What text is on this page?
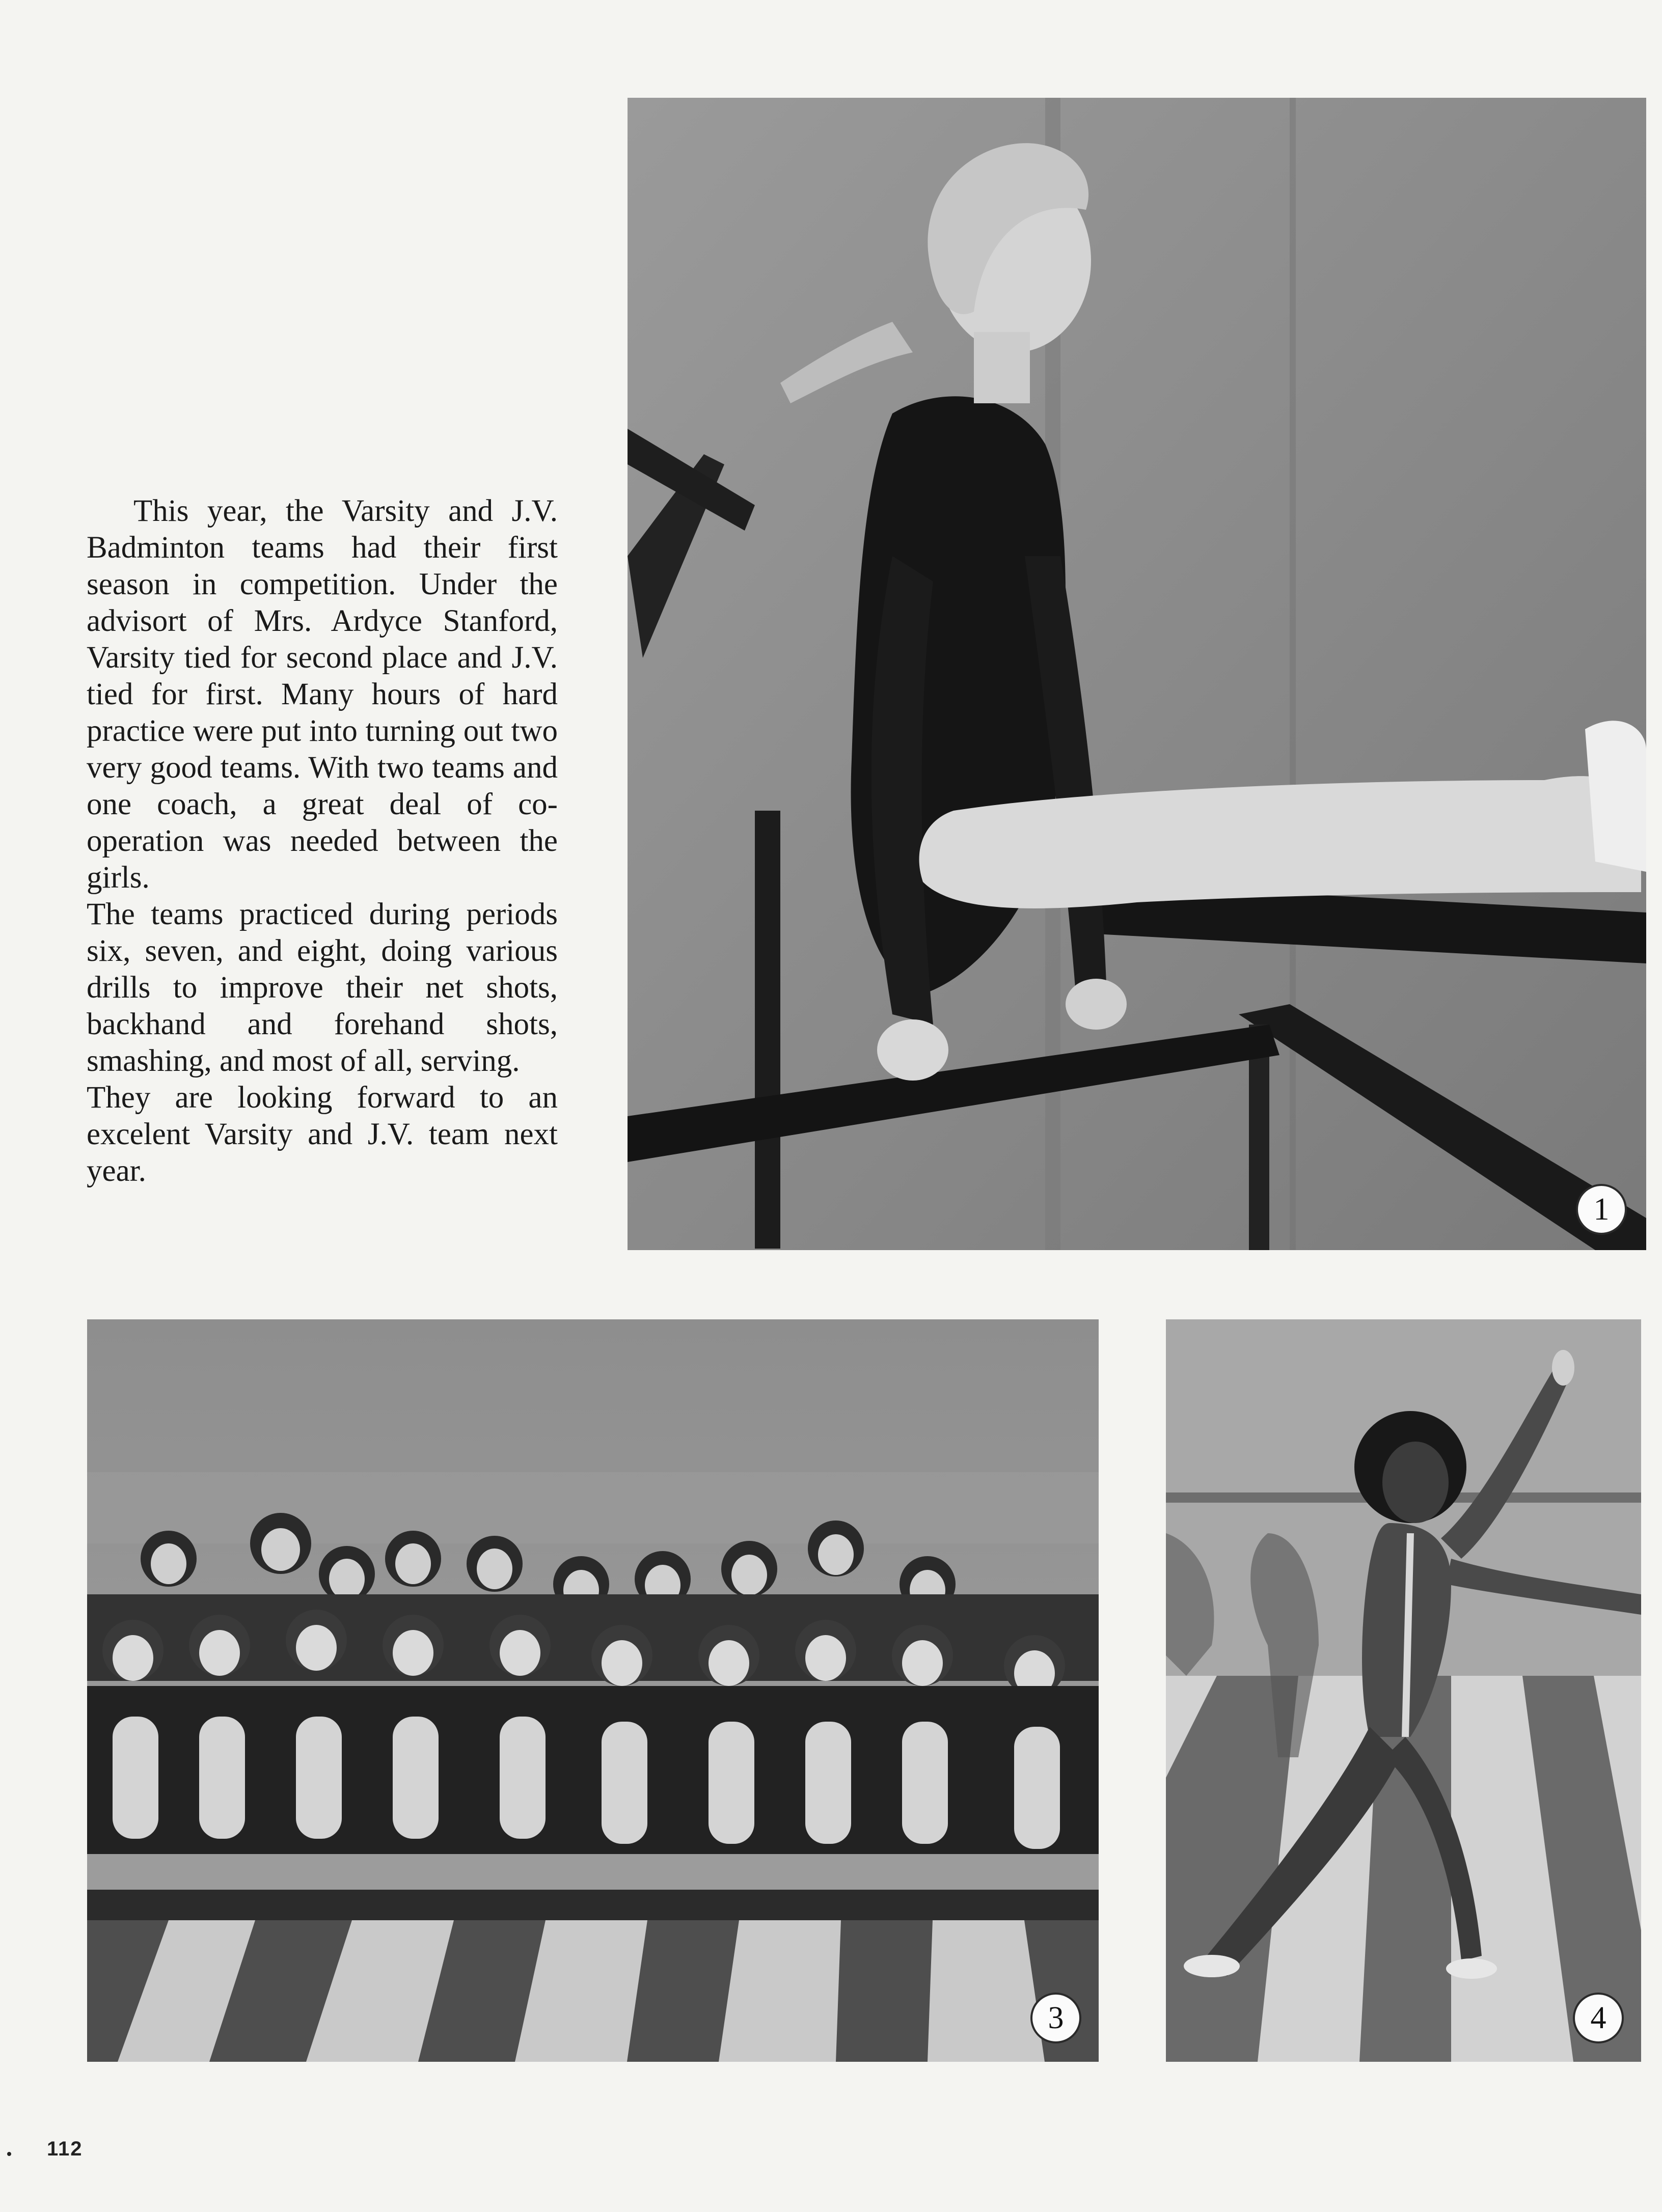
This year, the Varsity and J.V. Badminton teams had their first season in competition. Under the advisort of Mrs. Ardyce Stanford, Varsity tied for second place and J.V. tied for first. Many hours of hard practice were put into turning out two very good teams. With two teams and one coach, a great deal of co-operation was needed between the girls.

The teams practiced during periods six, seven, and eight, doing various drills to improve their net shots, backhand and forehand shots, smashing, and most of all, serving.

They are looking forward to an excelent Varsity and J.V. team next year.

1
3	4
112
